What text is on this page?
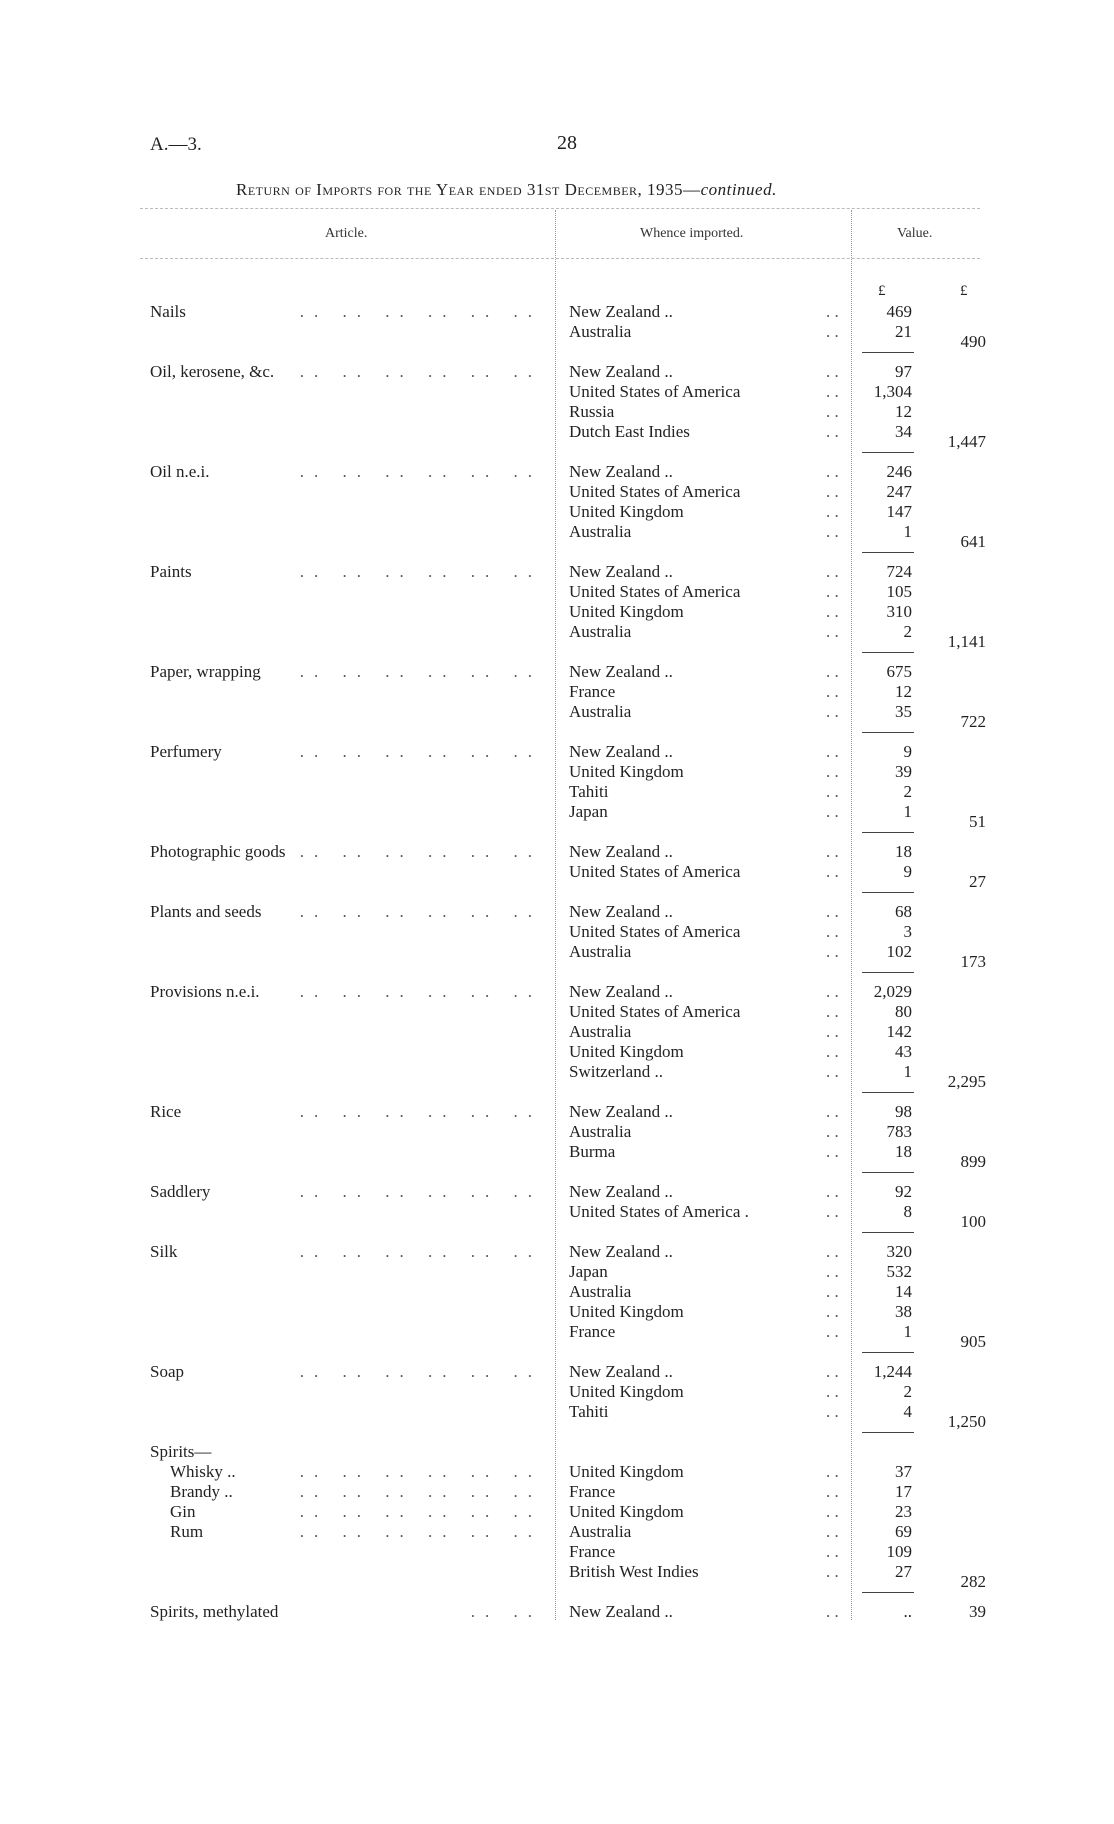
A.—3.	28
Return of Imports for the Year ended 31st December, 1935—continued.
Article.	Whence imported.	Value.
£	£
Nails	.. .. .. .. .. .. New Zealand ..	. .	469
Australia	. .	21
490
Oil, kerosene, &c.	.. .. .. .. .. .. New Zealand ..	. .	97
United States of America	. . 1,304
Russia	. .	12
Dutch East Indies	. .	34
1,447
Oil n.e.i.	.. .. .. .. .. .. New Zealand ..	. .	246
United States of America	. .	247
United Kingdom	. .	147
Australia	. .	1
641
Paints	.. .. .. .. .. .. New Zealand ..	. .	724
United States of America	. .	105
United Kingdom	. .	310
Australia	. .	2
1,141
Paper, wrapping	.. .. .. .. .. .. New Zealand ..	. .	675
France	. .	12
Australia	. .	35
722
Perfumery	.. .. .. .. .. .. New Zealand ..	. .	9
United Kingdom	. .	39
Tahiti	. .	2
Japan	. .	1
51
Photographic goods .. .. .. .. .. .. New Zealand ..	. .	18
United States of America	. .	9
27
Plants and seeds	.. .. .. .. .. .. New Zealand ..	. .	68
United States of America	. .	3
Australia	. .	102
173
Provisions n.e.i.	.. .. .. .. .. .. New Zealand ..	. . 2,029
United States of America	. .	80
Australia	. .	142
United Kingdom	. .	43
Switzerland ..	. .	1
2,295
Rice	.. .. .. .. .. .. New Zealand ..	. .	98
Australia	. .	783
Burma	. .	18
899
Saddlery	.. .. .. .. .. .. New Zealand ..	. .	92
United States of America .	. .	8
100
Silk	.. .. .. .. .. .. New Zealand ..	. .	320
Japan	. .	532
Australia	. .	14
United Kingdom	. .	38
France	. .	1
905
Soap	.. .. .. .. .. .. New Zealand ..	. . 1,244
United Kingdom	. .	2
Tahiti	. .	4
1,250
Spirits—
Whisky ..	.. .. .. .. .. .. United Kingdom	. .	37
Brandy ..	.. .. .. .. .. .. France	. .	17
Gin	.. .. .. .. .. .. United Kingdom	. .	23
Rum	.. .. .. .. .. .. Australia	. .	69
France	. .	109
British West Indies	. .	27
282
Spirits, methylated	.. .. New Zealand ..	. .	..	39
